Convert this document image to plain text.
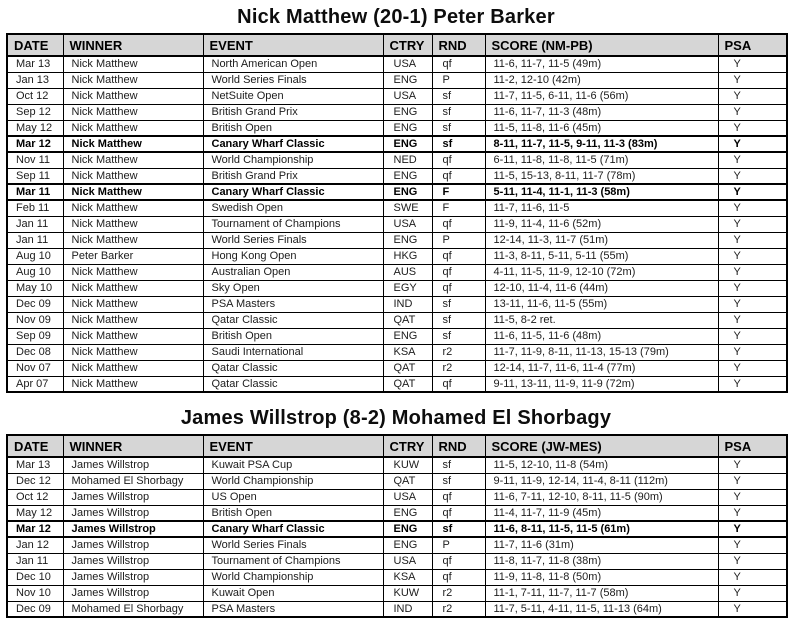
Nick Matthew (20-1) Peter Barker
DATE	WINNER	EVENT	CTRY	RND	SCORE (NM-PB)	PSA
Mar 13	Nick Matthew	North American Open	USA	qf	11-6, 11-7, 11-5 (49m)	Y
Jan 13	Nick Matthew	World Series Finals	ENG	P	11-2, 12-10 (42m)	Y
Oct 12	Nick Matthew	NetSuite Open	USA	sf	11-7, 11-5, 6-11, 11-6 (56m)	Y
Sep 12	Nick Matthew	British Grand Prix	ENG	sf	11-6, 11-7, 11-3 (48m)	Y
May 12	Nick Matthew	British Open	ENG	sf	11-5, 11-8, 11-6 (45m)	Y
Mar 12	Nick Matthew	Canary Wharf Classic	ENG	sf	8-11, 11-7, 11-5, 9-11, 11-3 (83m)	Y
Nov 11	Nick Matthew	World Championship	NED	qf	6-11, 11-8, 11-8, 11-5 (71m)	Y
Sep 11	Nick Matthew	British Grand Prix	ENG	qf	11-5, 15-13, 8-11, 11-7 (78m)	Y
Mar 11	Nick Matthew	Canary Wharf Classic	ENG	F	5-11, 11-4, 11-1, 11-3 (58m)	Y
Feb 11	Nick Matthew	Swedish Open	SWE	F	11-7, 11-6, 11-5	Y
Jan 11	Nick Matthew	Tournament of Champions	USA	qf	11-9, 11-4, 11-6 (52m)	Y
Jan 11	Nick Matthew	World Series Finals	ENG	P	12-14, 11-3, 11-7 (51m)	Y
Aug 10	Peter Barker	Hong Kong Open	HKG	qf	11-3, 8-11, 5-11, 5-11 (55m)	Y
Aug 10	Nick Matthew	Australian Open	AUS	qf	4-11, 11-5, 11-9, 12-10 (72m)	Y
May 10	Nick Matthew	Sky Open	EGY	qf	12-10, 11-4, 11-6 (44m)	Y
Dec 09	Nick Matthew	PSA Masters	IND	sf	13-11, 11-6, 11-5 (55m)	Y
Nov 09	Nick Matthew	Qatar Classic	QAT	sf	11-5, 8-2 ret.	Y
Sep 09	Nick Matthew	British Open	ENG	sf	11-6, 11-5, 11-6 (48m)	Y
Dec 08	Nick Matthew	Saudi International	KSA	r2	11-7, 11-9, 8-11, 11-13, 15-13 (79m)	Y
Nov 07	Nick Matthew	Qatar Classic	QAT	r2	12-14, 11-7, 11-6, 11-4 (77m)	Y
Apr 07	Nick Matthew	Qatar Classic	QAT	qf	9-11, 13-11, 11-9, 11-9 (72m)	Y
James Willstrop (8-2) Mohamed El Shorbagy
DATE	WINNER	EVENT	CTRY	RND	SCORE (JW-MES)	PSA
Mar 13	James Willstrop	Kuwait PSA Cup	KUW	sf	11-5, 12-10, 11-8 (54m)	Y
Dec 12	Mohamed El Shorbagy	World Championship	QAT	sf	9-11, 11-9, 12-14, 11-4, 8-11 (112m)	Y
Oct 12	James Willstrop	US Open	USA	qf	11-6, 7-11, 12-10, 8-11, 11-5 (90m)	Y
May 12	James Willstrop	British Open	ENG	qf	11-4, 11-7, 11-9 (45m)	Y
Mar 12	James Willstrop	Canary Wharf Classic	ENG	sf	11-6, 8-11, 11-5, 11-5 (61m)	Y
Jan 12	James Willstrop	World Series Finals	ENG	P	11-7, 11-6 (31m)	Y
Jan 11	James Willstrop	Tournament of Champions	USA	qf	11-8, 11-7, 11-8 (38m)	Y
Dec 10	James Willstrop	World Championship	KSA	qf	11-9, 11-8, 11-8 (50m)	Y
Nov 10	James Willstrop	Kuwait Open	KUW	r2	11-1, 7-11, 11-7, 11-7 (58m)	Y
Dec 09	Mohamed El Shorbagy	PSA Masters	IND	r2	11-7, 5-11, 4-11, 11-5, 11-13 (64m)	Y
